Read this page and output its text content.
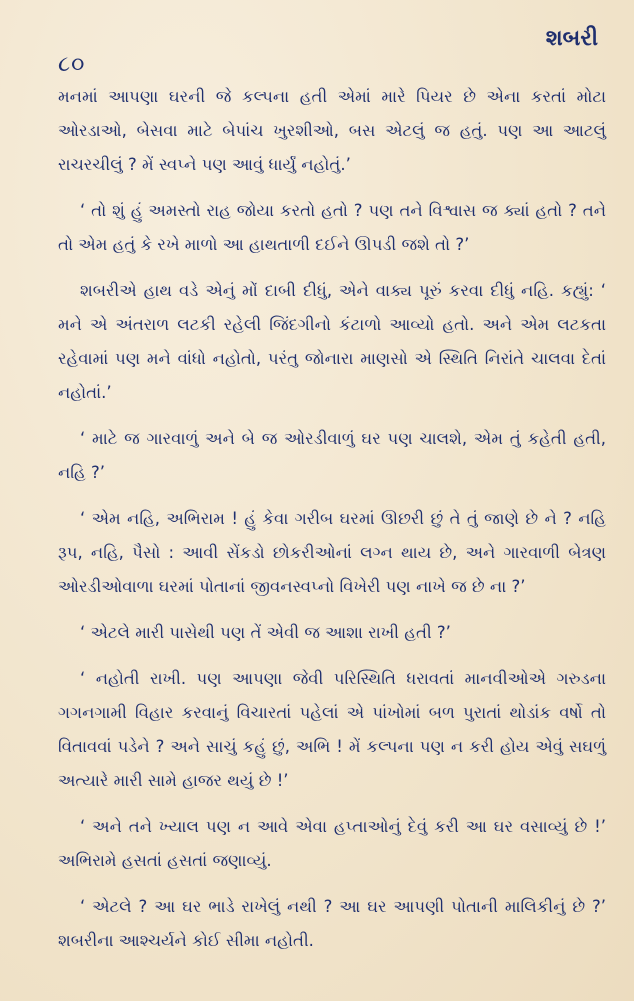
૮૦
શબરી

મનમાં આપણા ઘરની જે કલ્પના હતી એમાં મારે પિયર છે એના કરતાં મોટા ઓરડાઓ, બેસવા માટે બેપાંચ ખુરશીઓ, બસ એટલું જ હતું. પણ આ આટલું રાચરચીલું ? મેં સ્વપ્ને પણ આવું ધાર્યું નહોતું.’

‘ તો શું હું અમસ્તો રાહ જોયા કરતો હતો ? પણ તને વિશ્વાસ જ ક્યાં હતો ? તને તો એમ હતું કે રખે માળો આ હાથતાળી દઈને ઊપડી જશે તો ?’

શબરીએ હાથ વડે એનું મોં દાબી દીધું, એને વાક્ય પૂરું કરવા દીધું નહિ. કહ્યું: ‘ મને એ અંતરાળ લટકી રહેલી જિંદગીનો કંટાળો આવ્યો હતો. અને એમ લટકતા રહેવામાં પણ મને વાંધો નહોતો, પરંતુ જોનારા માણસો એ સ્થિતિ નિરાંતે ચાલવા દેતાં નહોતાં.’

‘ માટે જ ગારવાળું અને બે જ ઓરડીવાળું ઘર પણ ચાલશે, એમ તું કહેતી હતી, નહિ ?’

‘ એમ નહિ, અભિરામ ! હું કેવા ગરીબ ઘરમાં ઊછરી છું તે તું જાણે છે ને ? નહિ રૂપ, નહિ, પૈસો : આવી સેંકડો છોકરીઓનાં લગ્ન થાય છે, અને ગારવાળી બેત્રણ ઓરડીઓવાળા ઘરમાં પોતાનાં જીવનસ્વપ્નો વિખેરી પણ નાખે જ છે ના ?’

‘ એટલે મારી પાસેથી પણ તેં એવી જ આશા રાખી હતી ?’

‘ નહોતી રાખી. પણ આપણા જેવી પરિસ્થિતિ ધરાવતાં માનવીઓએ ગરુડના ગગનગામી વિહાર કરવાનું વિચારતાં પહેલાં એ પાંખોમાં બળ પુરાતાં થોડાંક વર્ષો તો વિતાવવાં પડેને ? અને સાચું કહું છું, અભિ ! મેં કલ્પના પણ ન કરી હોય એવું સઘળું અત્યારે મારી સામે હાજર થયું છે !’

‘ અને તને ખ્યાલ પણ ન આવે એવા હપ્તાઓનું દેવું કરી આ ઘર વસાવ્યું છે !’ અભિરામે હસતાં હસતાં જણાવ્યું.

‘ એટલે ? આ ઘર ભાડે રાખેલું નથી ? આ ઘર આપણી પોતાની માલિકીનું છે ?’ શબરીના આશ્ચર્યને કોઈ સીમા નહોતી.
